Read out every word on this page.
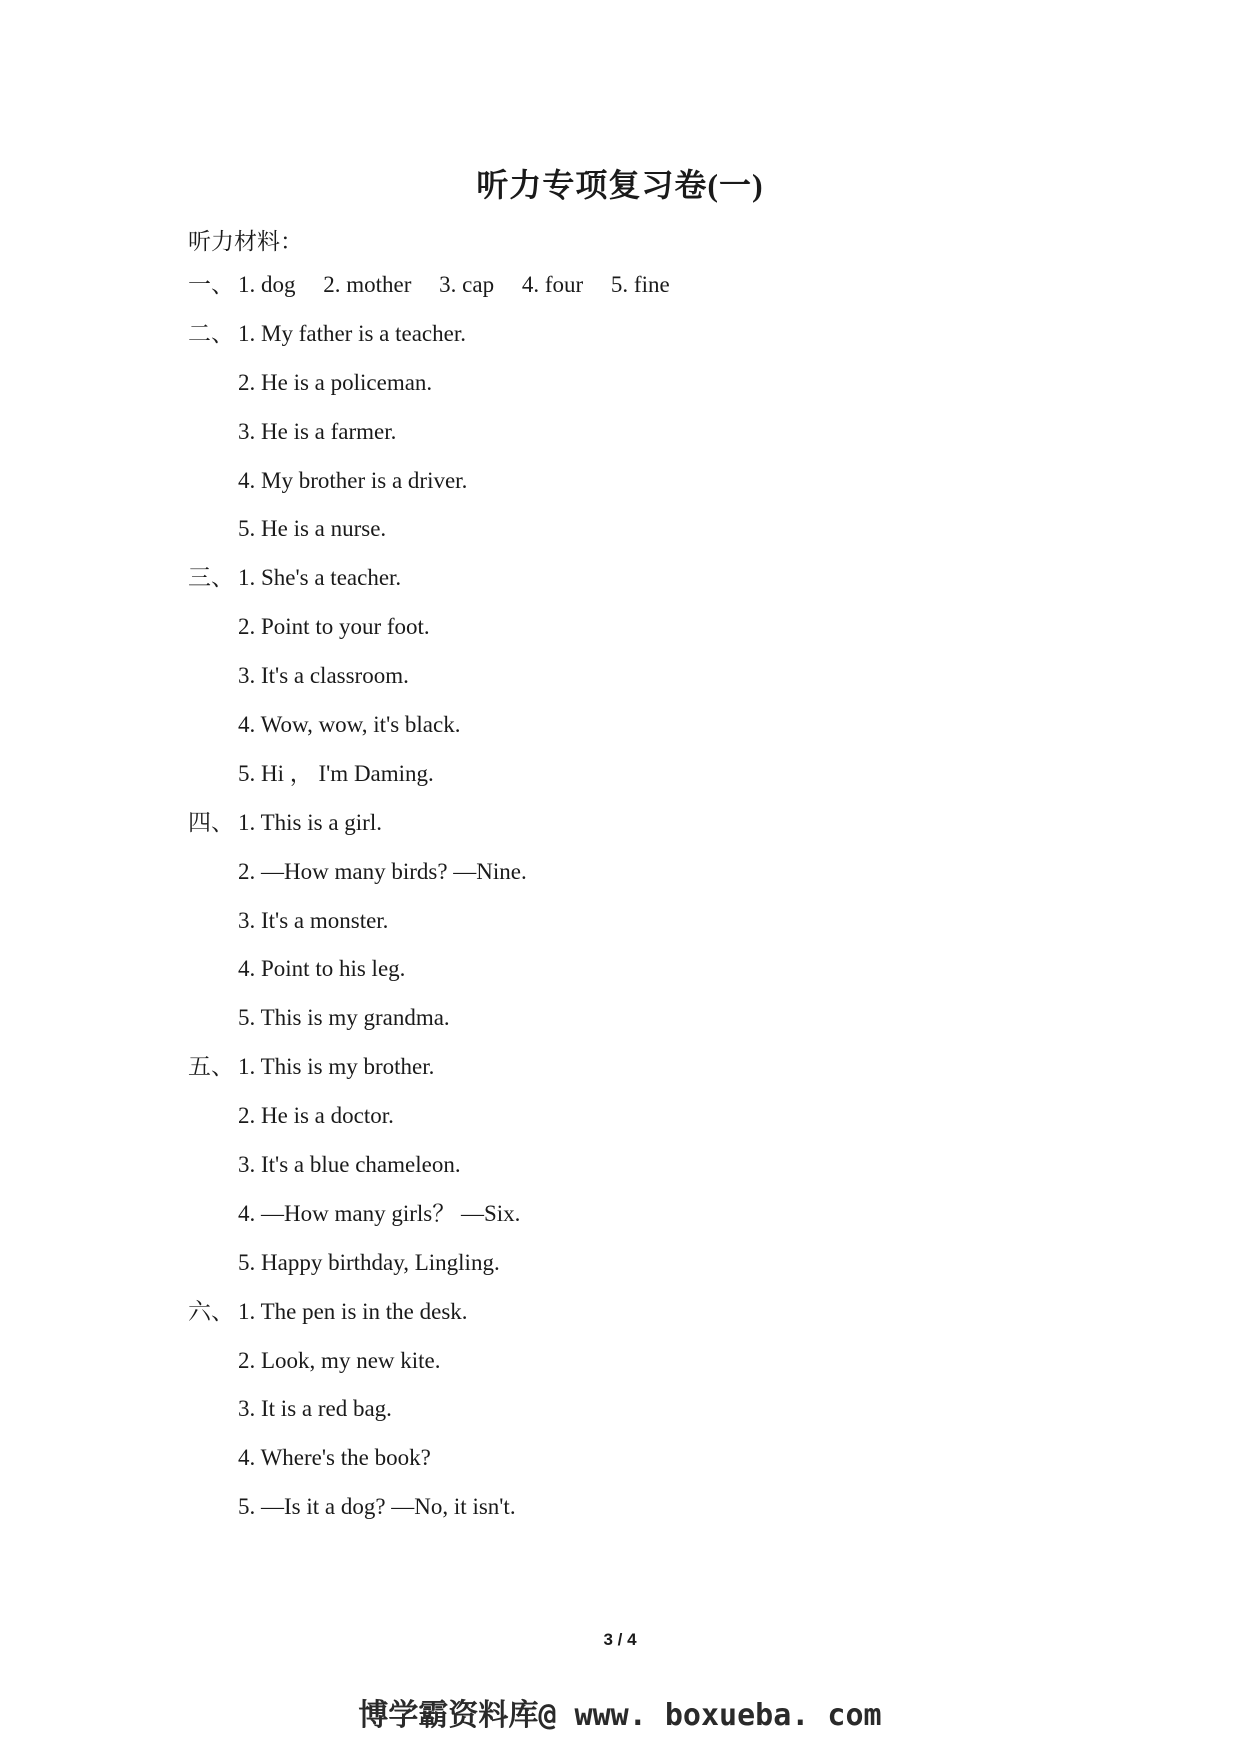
听力专项复习卷(一)
听力材料：
一、 1. dog 2. mother 3. cap 4. four 5. fine
二、 1. My father is a teacher.
2. He is a policeman.
3. He is a farmer.
4. My brother is a driver.
5. He is a nurse.
三、 1. She's a teacher.
2. Point to your foot.
3. It's a classroom.
4. Wow, wow, it's black.
5. Hi ， I'm Daming.
四、 1. This is a girl.
2. —How many birds? —Nine.
3. It's a monster.
4. Point to his leg.
5. This is my grandma.
五、 1. This is my brother.
2. He is a doctor.
3. It's a blue chameleon.
4. —How many girls？ —Six.
5. Happy birthday, Lingling.
六、 1. The pen is in the desk.
2. Look, my new kite.
3. It is a red bag.
4. Where's the book?
5. —Is it a dog? —No, it isn't.
3 / 4
博学霸资料库@ www. boxueba. com
